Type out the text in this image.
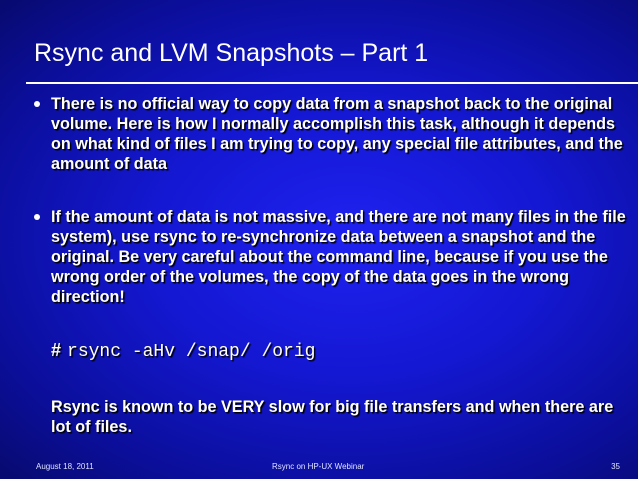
Rsync and LVM Snapshots – Part 1

There is no official way to copy data from a snapshot back to the original volume. Here is how I normally accomplish this task, although it depends on what kind of files I am trying to copy, any special file attributes, and the amount of data

If the amount of data is not massive, and there are not many files in the file system), use rsync to re-synchronize data between a snapshot and the original. Be very careful about the command line, because if you use the wrong order of the volumes, the copy of the data goes in the wrong direction!

# rsync -aHv /snap/ /orig

Rsync is known to be VERY slow for big file transfers and when there are lot of files.

August 18, 2011	Rsync on HP-UX Webinar	35
